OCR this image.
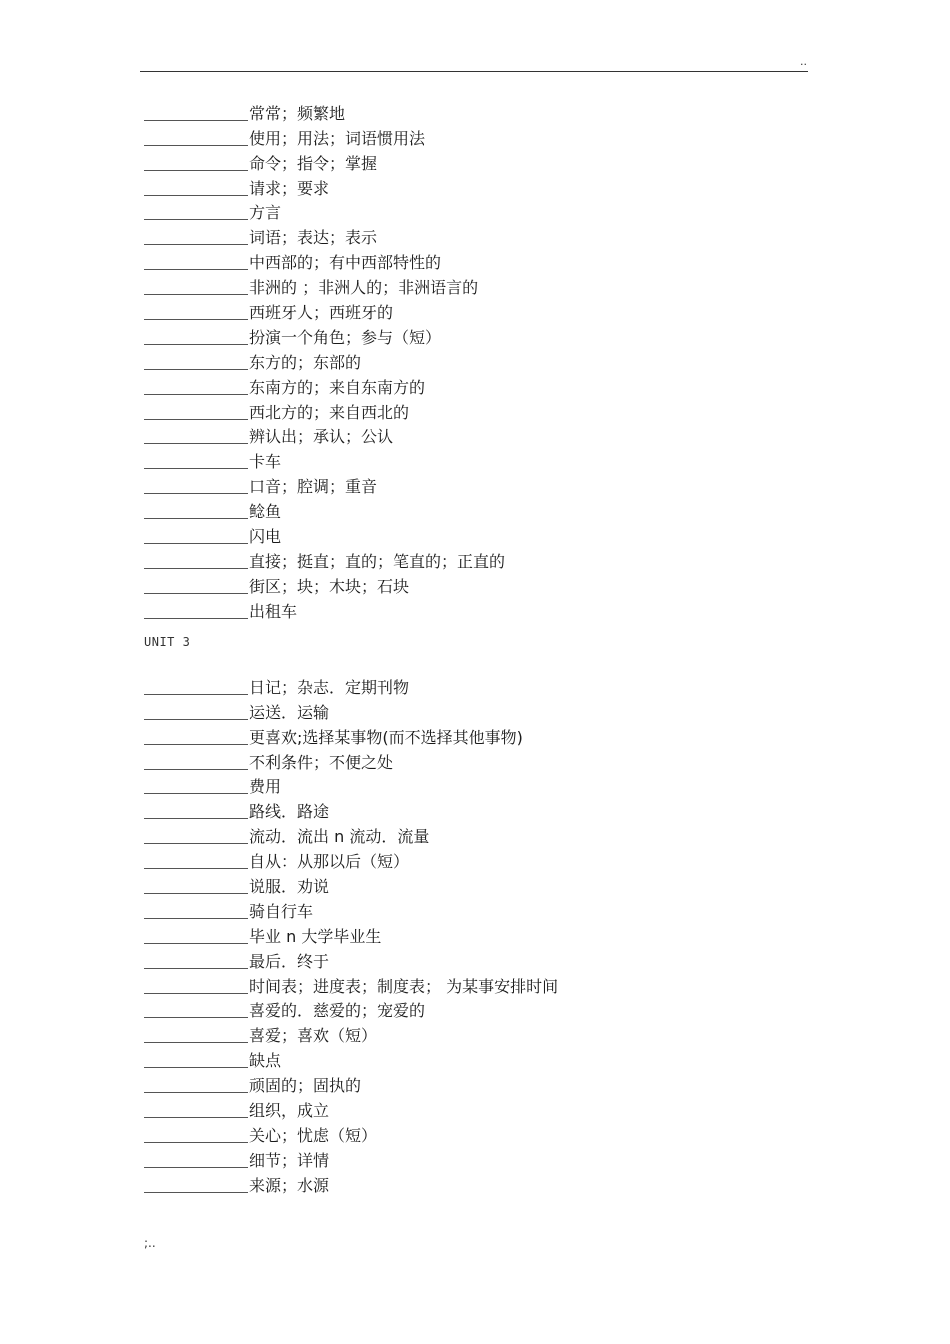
..
常常；频繁地
使用；用法；词语惯用法
命令；指令；掌握
请求；要求
方言
词语；表达；表示
中西部的；有中西部特性的
非洲的 ；非洲人的；非洲语言的
西班牙人；西班牙的
扮演一个角色；参与（短）
东方的；东部的
东南方的；来自东南方的
西北方的；来自西北的
辨认出；承认；公认
卡车
口音；腔调；重音
鲶鱼
闪电
直接；挺直；直的；笔直的；正直的
街区；块；木块；石块
出租车
UNIT 3
日记；杂志．定期刊物
运送．运输
更喜欢;选择某事物(而不选择其他事物)
不利条件；不便之处
费用
路线．路途
流动．流出 n 流动．流量
自从：从那以后（短）
说服．劝说
骑自行车
毕业 n 大学毕业生
最后．终于
时间表；进度表；制度表； 为某事安排时间
喜爱的．慈爱的；宠爱的
喜爱；喜欢（短）
缺点
顽固的；固执的
组织，成立
关心；忧虑（短）
细节；详情
来源；水源
;..
